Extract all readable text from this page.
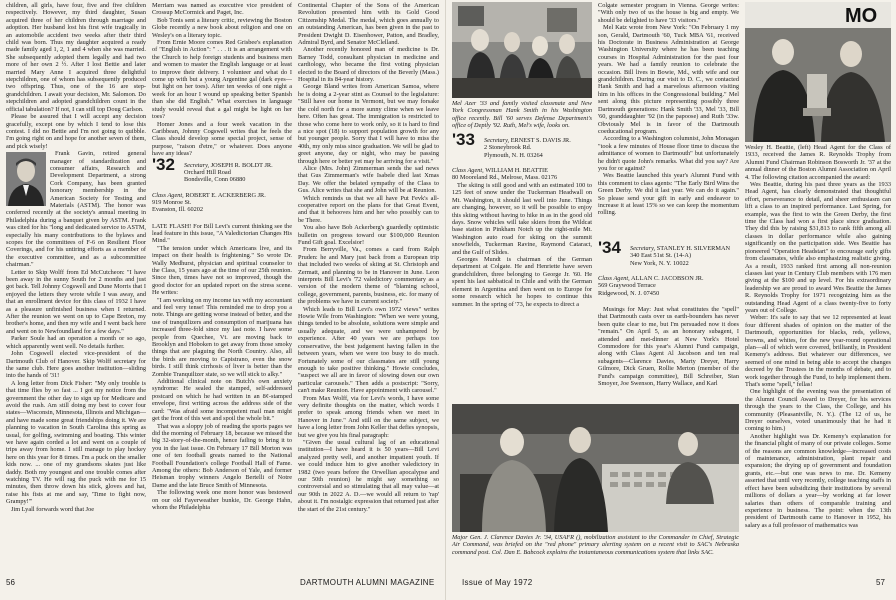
children, all girls, have four, five and five children respectively. However, my third daughter, Susan acquired three of her children through marriage and adoption. Her husband lost his first wife tragically in an automobile accident two weeks after their third child was born. Thus my daughter acquired a ready made family aged 1, 2, 1 and 4 when she was married. She subsequently adopted them legally and had two more of her own 2 ½. After I lost Bettie and later married Mary Anne I acquired three delightful stepchildren, one of whom has subsequently produced two offspring. Thus, one of the 16 are step-grandchildren. I await your decision, Mr. Salomon. Do stepchildren and adopted grandchildren count in the official tabulation? If not, I can still top Doug Carlson.

Please be assured that I will accept any decision gracefully, except one by which I tend to lose this contest. I did no Bettie and I'm not going to quibble. I'm going right on and hope for another seven of them, and pick wisely!

Frank Gavin, retired general manager of standardization and consumer affairs, Research and Development Department, a strong Cork Company, has been granted honorary membership in the American Society for Testing and Materials (ASTM). The honor was conferred recently at the society's annual meeting in Philadelphia during a banquet given by ASTM. Frank was cited for his "long and dedicated service to ASTM, especially his many contributions to the bylaws and scopes for the committees of F-6 on Resilient Floor Coverings, and for his untiring efforts as a member of the executive committee, and as a subcommittee chairman."

Letter to Skip Wolff from Ed McCutcheon: "I have been away in the sunny South for 2 months and just got back. Tell Johnny Cogswell and Dune Morris that I enjoyed the letters they wrote while I was away, and that an enrollment device for this class of 1932 I have as a pleasure unfinished business when I returned. After the reunion we went on up to Cape Breton, my brother's home, and then my wife and I went back here and went on to Newfoundland for a few days."

Parker Soule had an operation a month or so ago, which apparently went well. No details further.

John Cogswell elected vice-president of the Dartmouth Club of Hanover. Skip Wolff secretary for the same club. Here goes another institution—sliding into the hands of '31!

A long letter from Dick Fisher: "My only trouble is that time flies by so fast ... I got my notice from the government the other day to sign up for Medicare and avoid the rush. Am still doing my best to cover four states—Wisconsin, Minnesota, Illinois and Michigan—and have made some great friendships doing it. We are planning to vacation in South Carolina this spring as usual, for golfing, swimming and boating. This winter we have again corded a lot and went on a couple of trips away from home. I still manage to play hockey here on this year for 8 times. I'm a puck on the smaller kids now. ... one of my grandsons skates just like daddy. Both my youngest and one trouble comes after watching TV. He will rag the puck with me for 15 minutes, then throw down his stick, gloves and hat, raise his fists at me and say, 'Time to fight now, Grampy!'"

Jim Lyall forwards word that Joe

Merriam was named as executive vice president of Crossup McCormick and Paget, Inc.

Bob Tonis sent a literary critic, reviewing the Boston Globe recently a new book about religion and one on Wesley's on a literary topic.

From Ernie Moore comes Red Grisbee's explanation of "English in Action": " . . . it is an arrangement with the Church to help foreign students and business men and women to master the English language or at least to improve their delivery. I volunteer and what do I come up with but a young Argentine gal (dark eyes—but light on her toes). After ten weeks of one night a week for an hour I wound up speaking better Spanish than she did English." What exercises in language study would reveal that a gal might be light on her toes?

Homer Jones and a four week vacation in the Caribbean, Johnny Cogswell writes that he feels the Class should develop some special project, sense of purpose, "raison d'etre," or whatever. Does anyone have any ideas?

'32 Secretary, JOSEPH R. BOLDT JR.
Orchard Hill Road
Bondsville, Conn 06880
Class Agent, ROBERT E. ACKERBERG JR.
919 Monroe St.
Evanston, Ill. 60202

LATE FLASH! For Bill Levi's current thinking see the lead feature in this issue, "A Valedictorian Changes His Mind."

"The tension under which Americans live, and its impact on their health is frightening." So wrote Dr. Wally Medhurst, physician and spiritual counselor to the Class, 15 years ago at the time of our 25th reunion. Since then, times have not so improved, though the good doctor for an updated report on the stress scene. He writes:

"I am working on my income tax with my accountant and feel very tense! This reminded me to drop you a note. Things are getting worse instead of better, and the use of tranquilizers and consumption of marijuana has increased three-fold since my last note. I have some people from Quechee, Vt. are moving back to Brooklyn and Hoboken to get away from those smoky things that are plaguing the North Country. Also, all the birds are moving to Capistrano, even the snow birds. I still think cirrhosis of liver is better than the Zombie Tranquilizer state, so we will stick to alky."

Additional clinical note on Butch's own anxiety syndrome: He sealed the stamped, self-addressed postcard on which he had written in an 8¢-stamped envelope, first writing across the address side of the card: "Was afraid some incompetent mail man might get the front of this wet and spoil the whole bit."

That was a sloppy job of reading the sports pages we did the morning of February 18, because we missed the big 32-story-of-the-month, hence failing to bring it to you in the last issue. On February 17 Bill Morton was one of ten football greats named to the National Football Foundation's college Football Hall of Fame. Among the others: Bob Anderson of Yale, and former Heisman trophy winners Angelo Bertelli of Notre Dame and the late Bruce Smith of Minnesota.

The following week one more honor was bestowed on our old Fayerweather bunkie, Dr. George Hahn, whom the Philadelphia

Continental Chapter of the Sons of the American Revolution presented him with its Gold Good Citizenship Medal. The medal, which goes annually to an outstanding American, has been given in the past to President Dwight D. Eisenhower, Patton, and Bradley, Admiral Byrd, and Senator McClelland.

Another recently honored man of medicine is Dr. Barney Todd, consultant physician in medicine and cardiology, who became the first voting physician elected to the Board of directors of the Beverly (Mass.) Hospital in its 84-year history.

George Bland writes from American Samoa, where he is doing a 2-year stint as Counsel to the legislature: "Still have our home in Vermont, but we may forsake the cold north for a more sunny clime when we leave here. Often has great. The immigration is restricted to those who come here to work only, so it is hard to find a nice spot (18) to support population growth for any but younger people. Sorry that I will have to miss the 40th, my only miss since graduation. We will be glad to greet anyone, day or night, who may be passing through here or better yet may be arriving for a visit."

Alice (Mrs. John) Zimmerman sends the sad news that Gus Zimmerman's wife Isabele died last Xmas Day. We offer the belated sympathy of the Class to Gus. Alice writes that she and John will be at Reunion.

Which reminds us that we all have Put Fevk's all-cooperative report on the plans for that Great Event, and that it behooves him and her who possibly can to be There.

You also have Bob Ackerberg's guardedly optimistic bulletin on progress toward our $100,000 Reunion Fund Gift goal. Excelsior!

From Berryville, Va., comes a card from Ralph Pruden: he and Mary just back from a European trip that included two weeks of skiing at St. Christoph and Zermatt, and planning to be in Hanover in June. Leon interprets Bill Levi's '72 valedictory commentary as a version of the modern theme of "blaming school, college, government, parents, business, etc. for many of the problems we have in current society."

Which leads to Bill Levi's own 1972 views" writes Howie Wile from Washington: "When we were young, things tended to be absolute, solutions were simple and usually adequate, and we were unhampered by experience. After 40 years we are perhaps too conservative, the best judgement having fallen in the between years, when we were too busy to do much. Fortunately some of our classmates are still young enough to take positive thinking." Howie concludes, "suspect we all are in favor of slowing down our own particular carousels." Then adds a postscript: "Sorry, can't make Reunion. Have appointment with carousel."

From Max Wolff, via for Levi's words, I have some very definite thoughts on the matter, which words I prefer to speak among friends when we meet in Hanover in June." And still on the same subject, we have a long letter from John Keller that defies synopsis, but we give you his final paragraph:

"Given the usual cultural lag of an educational institution—I have heard it is 50 years—Bill Levi analyzed pretty well, and another impatient youth. If we could induce him to give another valedictory in 1982 (two years before the Orwellian apocalypse and our 50th reunion) he might say something so controversial and so stimulating that all may value—at our 90th in 2022 A. D.—we would all return to 'rap' about it. I'm nostalgic expression that returned just after the start of the 21st century."

56	DARTMOUTH ALUMNI MAGAZINE
Mel Azer '33 and family visited classmate and New York Congressman Hank Smith in his Washington office recently. Bill '60 serves Defense Department's office of Deptly '92. Ruth, Mel's wife, looks on.
'33 Secretary, ERNEST S. DAVIS JR.
2 Stoneybrook Rd.
Plymouth, N. H. 03264
Class Agent, WILLIAM H. BEATTIE
80 Mooreland Rd., Melrose, Mass. 02176

The skiing is still good and with an estimated 100 to 125 feet of snow under the Tuckerman Headwall on Mt. Washington, it should last well into June. Things are changing, however, so it will be possible to enjoy this skiing without having to hike in as in the good old days. Snow vehicles will take skiers from the Wildcat base station in Pinkham Notch up the right-mile Mt. Washington auto road for skiing on the summit snowfields, Tuckerman Ravine, Raymond Cataract, and the Gulf of Slides.

Georges Mundt is chairman of the German department at Colgate. He and Henriette have seven grandchildren, three belonging to George Jr. '60. He spent his last sabbatical in Chile and with the German element in Argentina and then went on to Europe for some research which he hopes to continue this summer. In the spring of '73, he expects to direct a

Colgate semester program in Vienna. George writes: "With only two of us the house is big and empty. We should be delighted to have '33 visitors."

Mel Katz wrote from New York: "On February 1 my son, Gerald, Dartmouth '60, Tuck MBA '61, received his Doctorate in Business Administration at George Washington University where he has been teaching courses in Hospital Administration for the past four years. We had a family reunion to celebrate the occasion. Bill lives in Bowie, Md., with wife and our grandchildren. During our visit to D. C., we contacted Hank Smith and had a marvelous afternoon visiting him in his offices in the Congressional building." Mel sent along this picture representing possibly three Dartmouth generations: Hank Smith '33, Mel '33, Bill '60, granddaughter '92 (in the papoose) and Ruth '33w. Obviously Mel is in favor of the Dartmouth coeducational program.

According to a Washington columnist, John Monagan "took a few minutes of House floor time to discuss the admittance of women to Dartmouth" but unfortunately he didn't quote John's remarks. What did you say? Are you for or against?

Wes Beattie launched this year's Alumni Fund with this comment to class agents: "The Early Bird Wins the Green Derby. We did it last year. We can do it again." So please send your gift in early and endeavor to increase it at least 15% so we can keep the momentum rolling.

'34 Secretary, STANLEY H. SILVERMAN
340 East 51st St. (14-A)
New York, N. Y. 10022
Class Agent, ALLAN C. JACOBSON JR.
569 Graywood Terrace
Ridgewood, N. J. 07450

Musings for May: Just what constitutes the "spell" that Dartmouth casts over us earth-bounders has never been quite clear to me, but I'm persuaded now it does "remain." On April 5, as an honorary subagent, I attended and met-dinner at New York's Hotel Commodore for this year's Alumni Fund campaign, along with Class Agent Al Jacobson and ten real subagents—Clarence Davies, Marty Dreyer, Harry Gilmore, Dick Gruen, Rollie Merton (member of the Fund's campaign committee), Bill Schreiber, Stan Smoyer, Joe Swenson, Harry Wallace, and Karl

Major Gen. J. Clarence Davies Jr. '34, USAFR (), mobilization assistant to the Commander in Chief, Strategic Air Command, was briefed on the "red phone" primary alerting system on a recent visit to SAC's Nebraska command post. Col. Dan E. Babcock explains the instantaneous communications system that links SAC.
MO

Wesley H. Beattie, (left) Head Agent for the Class of 1933, received the James R. Reynolds Trophy from Alumni Fund Chairman Robinson Bosworth Jr. '37 at the annual dinner of the Boston Alumni Association on April 4. The following citation accompanied the award:

Wes Beattie, during his past three years as the 1933 Head Agent, has clearly demonstrated that thoughtful effort, perseverance to detail, and sheer enthusiasm can lift a class to an inspired performance. Last Spring, for example, was the first to win the Green Derby, the first time the Class had won a first place since graduation. They did this by raising $31,813 to rank fifth among all classes in dollar performance while also gaining significantly on the participation side. Wes Beattie has pioneered "Operation Headstart" to encourage early gifts from classmates, while also emphasizing realistic giving. As a result, 1933 ranked first among all non-reunion classes last year in Century Club members with 176 men giving at the $100 and up level. For his extraordinary leadership we are proud to award Wes Beattie the James R. Reynolds Trophy for 1971 recognizing him as the outstanding Head Agent of a class twenty-five to forty years out of College.

Weber: It's safe to say that we 12 represented at least four different shades of opinion on the matter of the Dartmouth, opportunities for blacks, reds, yellows, browns, and whites, for the new year-round operational plan—all of which were covered, brilliantly, in President Kemeny's address. But whatever our differences, we seemed of one mind in being able to accept the changes decreed by the Trustees in the months of debate, and to work together through the Fund, to help implement them. That's some "spell," fellas!

One highlight of the evening was the presentation of the Alumni Council Award to Dreyer, for his services through the years to the Class, the College, and his community (Pleasantville, N. Y.). (The 12 of us, he Dreyer ourselves, voted unanimously that he had it coming to him.)

Another highlight was Dr. Kemeny's explanation for the financial plight of many of our private colleges. Some of the reasons are common knowledge—increased costs of maintenance, administration, plant repair and expansion; the drying up of government and foundation grants, etc.—but one was news to me. Dr. Kemeny asserted that until very recently, college teaching staffs in effect have been subsidizing their institutions by several millions of dollars a year—by working at far lower salaries than others of comparable training and experience in business. The point: when the 13th president of Dartmouth came to Hanover in 1952, his salary as a full professor of mathematics was

Issue of May 1972	57
